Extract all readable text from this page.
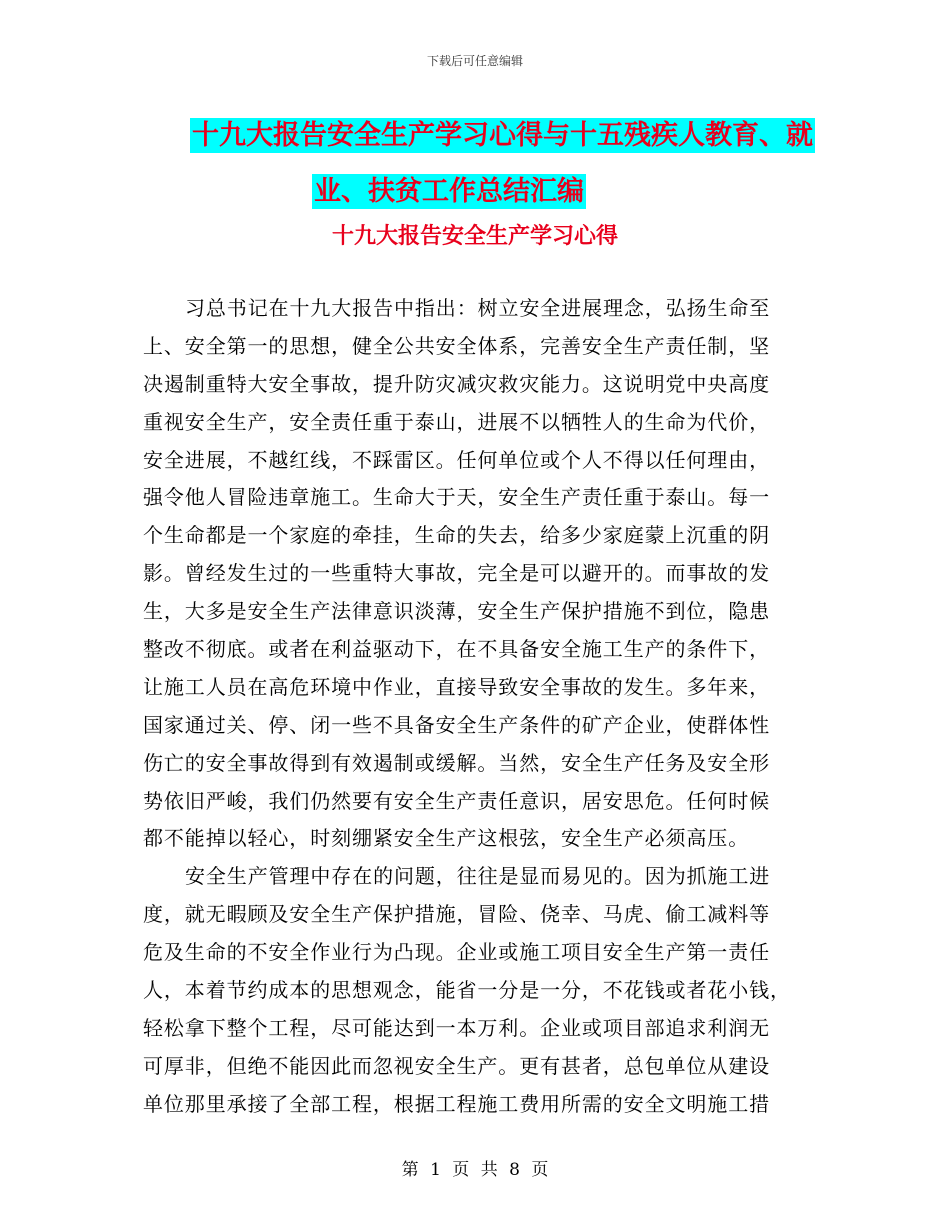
下载后可任意编辑
十九大报告安全生产学习心得与十五残疾人教育、就
业、扶贫工作总结汇编
十九大报告安全生产学习心得

习总书记在十九大报告中指出：树立安全进展理念，弘扬生命至
上、安全第一的思想，健全公共安全体系，完善安全生产责任制，坚
决遏制重特大安全事故，提升防灾减灾救灾能力。这说明党中央高度
重视安全生产，安全责任重于泰山，进展不以牺牲人的生命为代价，
安全进展，不越红线，不踩雷区。任何单位或个人不得以任何理由，
强令他人冒险违章施工。生命大于天，安全生产责任重于泰山。每一
个生命都是一个家庭的牵挂，生命的失去，给多少家庭蒙上沉重的阴
影。曾经发生过的一些重特大事故，完全是可以避开的。而事故的发
生，大多是安全生产法律意识淡薄，安全生产保护措施不到位，隐患
整改不彻底。或者在利益驱动下，在不具备安全施工生产的条件下，
让施工人员在高危环境中作业，直接导致安全事故的发生。多年来，
国家通过关、停、闭一些不具备安全生产条件的矿产企业，使群体性
伤亡的安全事故得到有效遏制或缓解。当然，安全生产任务及安全形
势依旧严峻，我们仍然要有安全生产责任意识，居安思危。任何时候
都不能掉以轻心，时刻绷紧安全生产这根弦，安全生产必须高压。

安全生产管理中存在的问题，往往是显而易见的。因为抓施工进
度，就无暇顾及安全生产保护措施，冒险、侥幸、马虎、偷工减料等
危及生命的不安全作业行为凸现。企业或施工项目安全生产第一责任
人，本着节约成本的思想观念，能省一分是一分，不花钱或者花小钱，
轻松拿下整个工程，尽可能达到一本万利。企业或项目部追求利润无
可厚非，但绝不能因此而忽视安全生产。更有甚者，总包单位从建设
单位那里承接了全部工程，根据工程施工费用所需的安全文明施工措

第 1 页 共 8 页
